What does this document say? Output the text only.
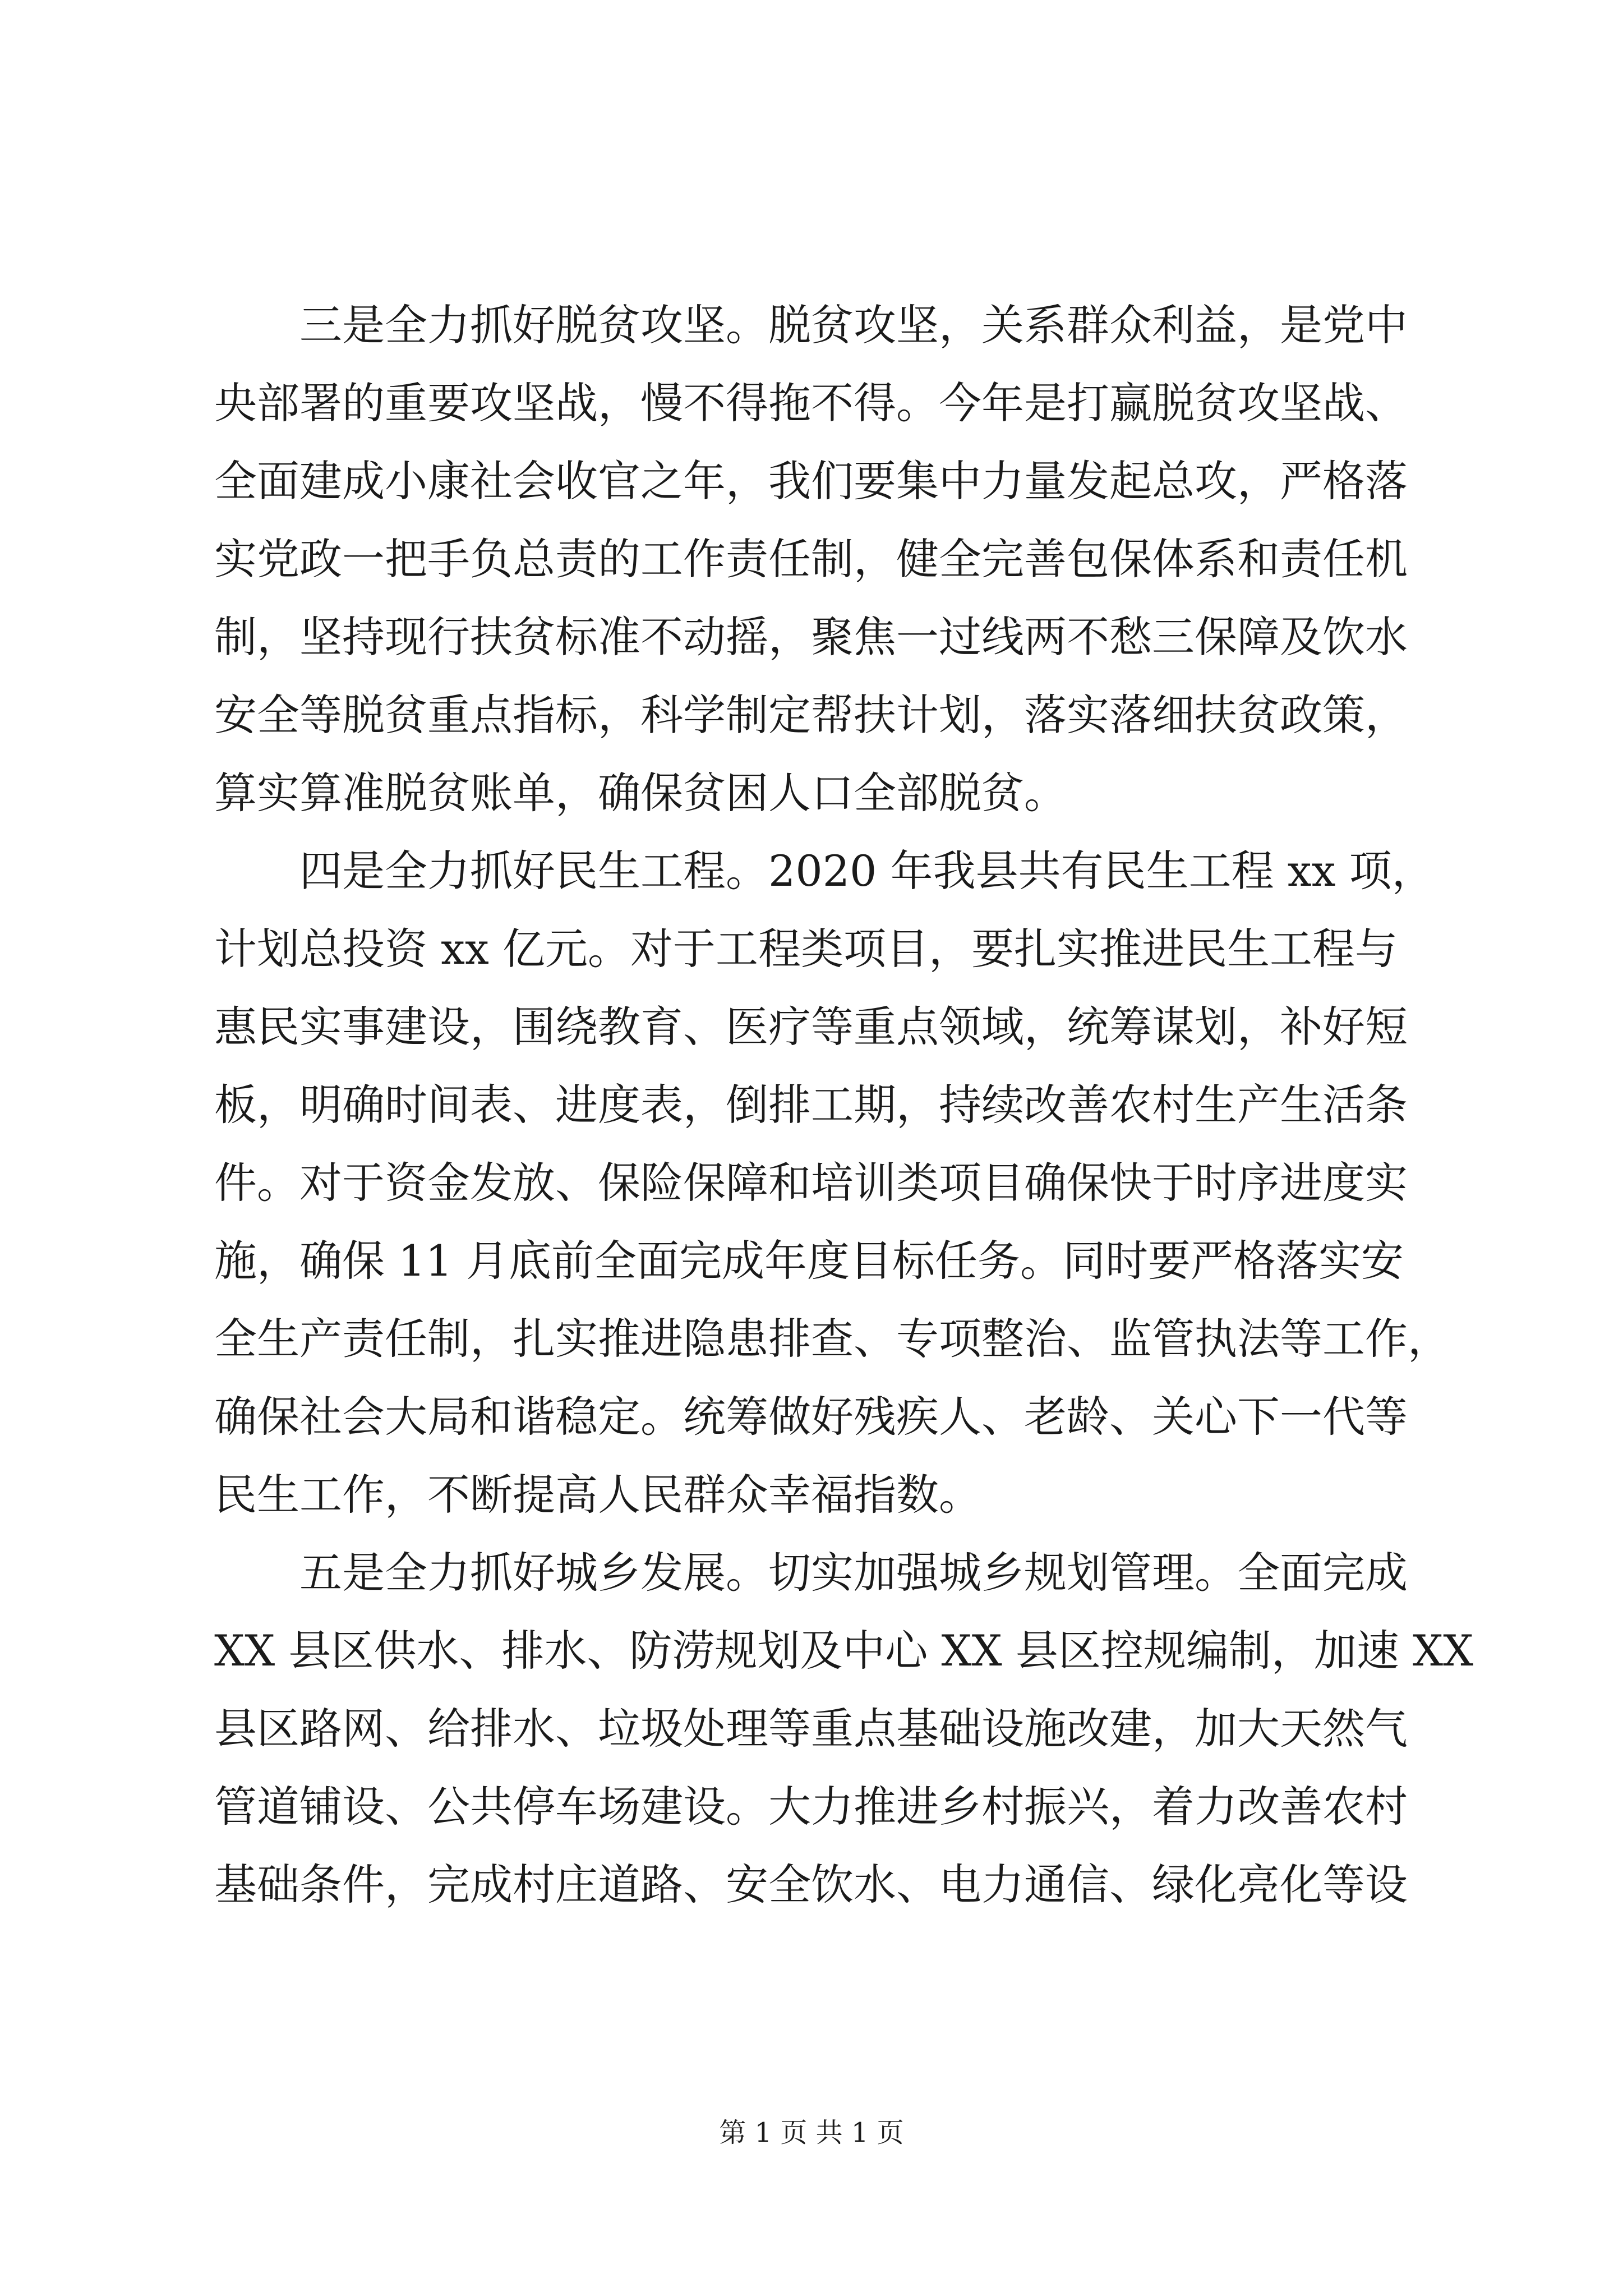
三是全力抓好脱贫攻坚。脱贫攻坚，关系群众利益，是党中
央部署的重要攻坚战，慢不得拖不得。今年是打赢脱贫攻坚战、
全面建成小康社会收官之年，我们要集中力量发起总攻，严格落
实党政一把手负总责的工作责任制，健全完善包保体系和责任机
制，坚持现行扶贫标准不动摇，聚焦一过线两不愁三保障及饮水
安全等脱贫重点指标，科学制定帮扶计划，落实落细扶贫政策，
算实算准脱贫账单，确保贫困人口全部脱贫。
四是全力抓好民生工程。2020 年我县共有民生工程 xx 项，
计划总投资 xx 亿元。对于工程类项目，要扎实推进民生工程与
惠民实事建设，围绕教育、医疗等重点领域，统筹谋划，补好短
板，明确时间表、进度表，倒排工期，持续改善农村生产生活条
件。对于资金发放、保险保障和培训类项目确保快于时序进度实
施，确保 11 月底前全面完成年度目标任务。同时要严格落实安
全生产责任制，扎实推进隐患排查、专项整治、监管执法等工作，
确保社会大局和谐稳定。统筹做好残疾人、老龄、关心下一代等
民生工作，不断提高人民群众幸福指数。
五是全力抓好城乡发展。切实加强城乡规划管理。全面完成
XX 县区供水、排水、防涝规划及中心 XX 县区控规编制，加速 XX
县区路网、给排水、垃圾处理等重点基础设施改建，加大天然气
管道铺设、公共停车场建设。大力推进乡村振兴，着力改善农村
基础条件，完成村庄道路、安全饮水、电力通信、绿化亮化等设
第 1 页 共 1 页
